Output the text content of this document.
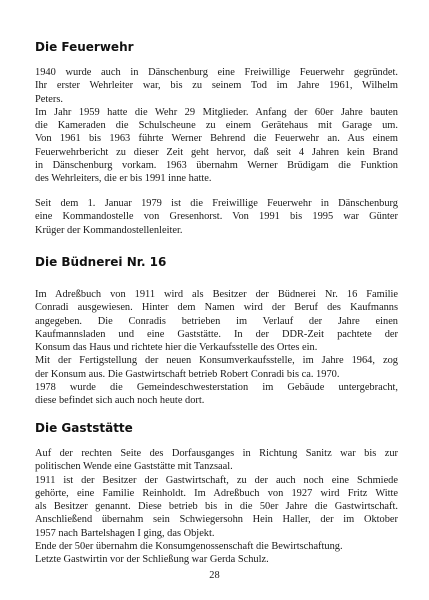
Die Feuerwehr
1940 wurde auch in Dänschenburg eine Freiwillige Feuerwehr gegründet.
Ihr erster Wehrleiter war, bis zu seinem Tod im Jahre 1961, Wilhelm
Peters.
Im Jahr 1959 hatte die Wehr 29 Mitglieder. Anfang der 60er Jahre bauten
die Kameraden die Schulscheune zu einem Gerätehaus mit Garage um.
Von 1961 bis 1963 führte Werner Behrend die Feuerwehr an. Aus einem
Feuerwehrbericht zu dieser Zeit geht hervor, daß seit 4 Jahren kein Brand
in Dänschenburg vorkam. 1963 übernahm Werner Brüdigam die Funktion
des Wehrleiters, die er bis 1991 inne hatte.
Seit dem 1. Januar 1979 ist die Freiwillige Feuerwehr in Dänschenburg
eine Kommandostelle von Gresenhorst. Von 1991 bis 1995 war Günter
Krüger der Kommandostellenleiter.
Die Büdnerei Nr. 16
Im Adreßbuch von 1911 wird als Besitzer der Büdnerei Nr. 16 Familie
Conradi ausgewiesen. Hinter dem Namen wird der Beruf des Kaufmanns
angegeben. Die Conradis betrieben im Verlauf der Jahre einen
Kaufmannsladen und eine Gaststätte. In der DDR-Zeit pachtete der
Konsum das Haus und richtete hier die Verkaufsstelle des Ortes ein.
Mit der Fertigstellung der neuen Konsumverkaufsstelle, im Jahre 1964, zog
der Konsum aus. Die Gastwirtschaft betrieb Robert Conradi bis ca. 1970.
1978 wurde die Gemeindeschwesterstation im Gebäude untergebracht,
diese befindet sich auch noch heute dort.
Die Gaststätte
Auf der rechten Seite des Dorfausganges in Richtung Sanitz war bis zur
politischen Wende eine Gaststätte mit Tanzsaal.
1911 ist der Besitzer der Gastwirtschaft, zu der auch noch eine Schmiede
gehörte, eine Familie Reinholdt. Im Adreßbuch von 1927 wird Fritz Witte
als Besitzer genannt. Diese betrieb bis in die 50er Jahre die Gastwirtschaft.
Anschließend übernahm sein Schwiegersohn Hein Haller, der im Oktober
1957 nach Bartelshagen I ging, das Objekt.
Ende der 50er übernahm die Konsumgenossenschaft die Bewirtschaftung.
Letzte Gastwirtin vor der Schließung war Gerda Schulz.
28
